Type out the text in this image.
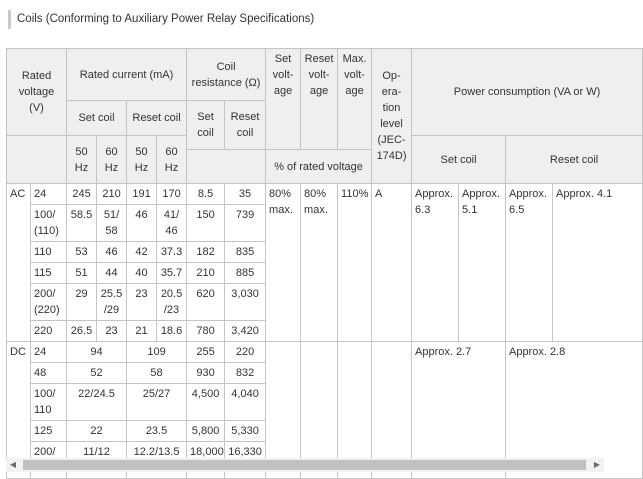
Coils (Conforming to Auxiliary Power Relay Specifications)
Rated voltage (V)		Rated current (mA)				Coil resistance (Ω)		Set volt-age	Reset volt-age	Max. volt-age	Op-era-tion level (JEC-174D)	Power consumption (VA or W)			
		Set coil		Reset coil		Set coil	Reset coil								
		50 Hz	60 Hz	50 Hz	60 Hz							Set coil		Reset coil	
								% of rated voltage							
AC	24	245	210	191	170	8.5	35	80% max.	80% max.	110%	A	Approx. 6.3	Approx. 5.1	Approx. 6.5	Approx. 4.1
	100/ (110)	58.5	51/ 58	46	41/ 46	150	739								
	110	53	46	42	37.3	182	835								
	115	51	44	40	35.7	210	885								
	200/ (220)	29	25.5 /29	23	20.5 /23	620	3,030								
	220	26.5	23	21	18.6	780	3,420								
DC	24	94		109		255	220					Approx. 2.7		Approx. 2.8	
	48	52		58		930	832								
	100/ 110	22/24.5		25/27		4,500	4,040								
	125	22		23.5		5,800	5,330								
	200/	11/12		12.2/13.5		18,000	16,330								
◀	▶
